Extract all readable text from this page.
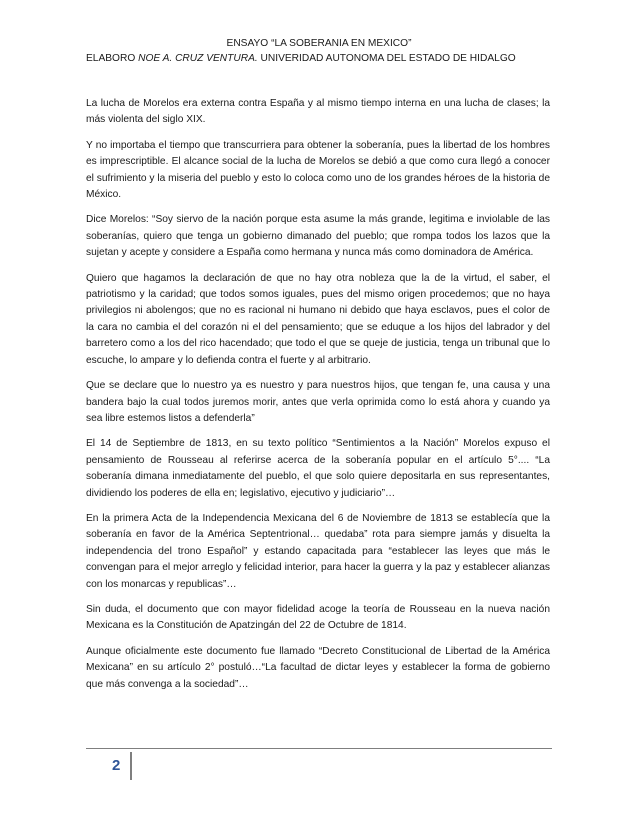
ENSAYO “LA SOBERANIA EN MEXICO”
ELABORO NOE A. CRUZ VENTURA. UNIVERIDAD AUTONOMA DEL ESTADO DE HIDALGO

La lucha de Morelos era externa contra España y al mismo tiempo interna en una lucha de clases; la más violenta del siglo XIX.

Y no importaba el tiempo que transcurriera para obtener la soberanía, pues la libertad de los hombres es imprescriptible. El alcance social de la lucha de Morelos se debió a que como cura llegó a conocer el sufrimiento y la miseria del pueblo y esto lo coloca como uno de los grandes héroes de la historia de México.

Dice Morelos: “Soy siervo de la nación porque esta asume la más grande, legitima e inviolable de las soberanías, quiero que tenga un gobierno dimanado del pueblo; que rompa todos los lazos que la sujetan y acepte y considere a España como hermana y nunca más como dominadora de América.

Quiero que hagamos la declaración de que no hay otra nobleza que la de la virtud, el saber, el patriotismo y la caridad; que todos somos iguales, pues del mismo origen procedemos; que no haya privilegios ni abolengos; que no es racional ni humano ni debido que haya esclavos, pues el color de la cara no cambia el del corazón ni el del pensamiento; que se eduque a los hijos del labrador y del barretero como a los del rico hacendado; que todo el que se queje de justicia, tenga un tribunal que lo escuche, lo ampare y lo defienda contra el fuerte y al arbitrario.

Que se declare que lo nuestro ya es nuestro y para nuestros hijos, que tengan fe, una causa y una bandera bajo la cual todos juremos morir, antes que verla oprimida como lo está ahora y cuando ya sea libre estemos listos a defenderla”

El 14 de Septiembre de 1813, en su texto político “Sentimientos a la Nación” Morelos expuso el pensamiento de Rousseau al referirse acerca de la soberanía popular en el artículo 5°.... “La soberanía dimana inmediatamente del pueblo, el que solo quiere depositarla en sus representantes, dividiendo los poderes de ella en; legislativo, ejecutivo y judiciario”…

En la primera Acta de la Independencia Mexicana del 6 de Noviembre de 1813 se establecía que la soberanía en favor de la América Septentrional… quedaba” rota para siempre jamás y disuelta la independencia del trono Español” y estando capacitada para “establecer las leyes que más le convengan para el mejor arreglo y felicidad interior, para hacer la guerra y la paz y establecer alianzas con los monarcas y republicas”…

Sin duda, el documento que con mayor fidelidad acoge la teoría de Rousseau en la nueva nación Mexicana es la Constitución de Apatzingán del 22 de Octubre de 1814.

Aunque oficialmente este documento fue llamado “Decreto Constitucional de Libertad de la América Mexicana” en su artículo 2° postuló…“La facultad de dictar leyes y establecer la forma de gobierno que más convenga a la sociedad”…

2
